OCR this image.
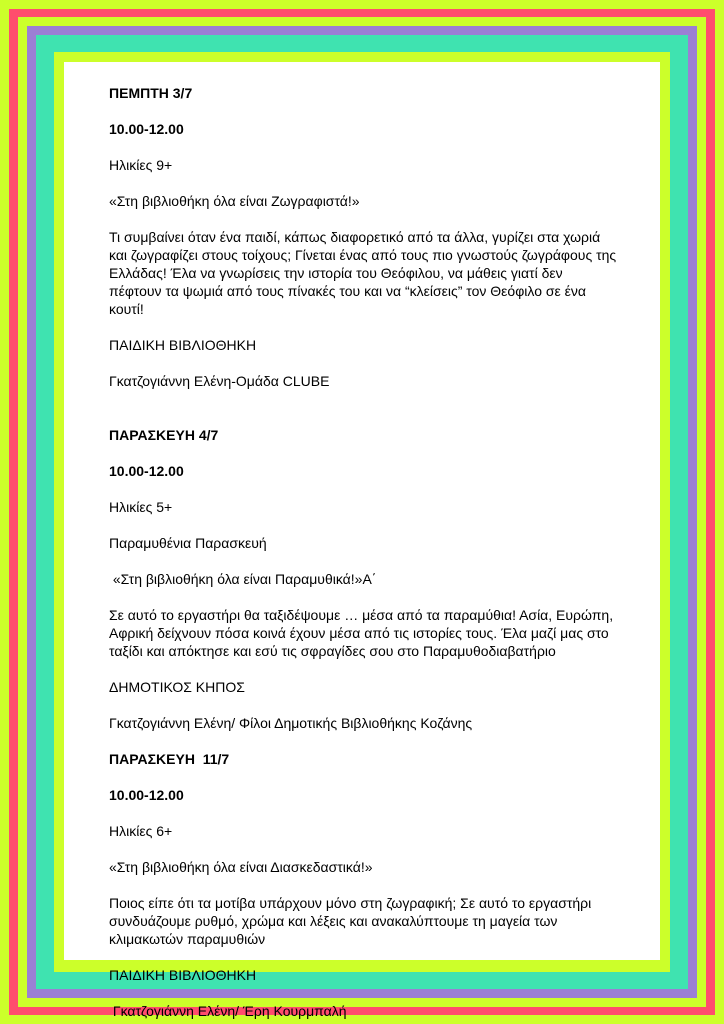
ΠΕΜΠΤΗ 3/7

10.00-12.00

Ηλικίες 9+

«Στη βιβλιοθήκη όλα είναι Ζωγραφιστά!»

Τι συμβαίνει όταν ένα παιδί, κάπως διαφορετικό από τα άλλα, γυρίζει στα χωριά και ζωγραφίζει στους τοίχους; Γίνεται ένας από τους πιο γνωστούς ζωγράφους της Ελλάδας! Έλα να γνωρίσεις την ιστορία του Θεόφιλου, να μάθεις γιατί δεν πέφτουν τα ψωμιά από τους πίνακές του και να “κλείσεις” τον Θεόφιλο σε ένα κουτί!

ΠΑΙΔΙΚΗ ΒΙΒΛΙΟΘΗΚΗ

Γκατζογιάννη Ελένη-Ομάδα CLUBE

ΠΑΡΑΣΚΕΥΗ 4/7

10.00-12.00

Ηλικίες 5+

Παραμυθένια Παρασκευή

«Στη βιβλιοθήκη όλα είναι Παραμυθικά!»Α΄

Σε αυτό το εργαστήρι θα ταξιδέψουμε … μέσα από τα παραμύθια! Ασία, Ευρώπη, Αφρική δείχνουν πόσα κοινά έχουν μέσα από τις ιστορίες τους. Έλα μαζί μας στο ταξίδι και απόκτησε και εσύ τις σφραγίδες σου στο Παραμυθοδιαβατήριο

ΔΗΜΟΤΙΚΟΣ ΚΗΠΟΣ

Γκατζογιάννη Ελένη/ Φίλοι Δημοτικής Βιβλιοθήκης Κοζάνης

ΠΑΡΑΣΚΕΥΗ  11/7

10.00-12.00

Ηλικίες 6+

«Στη βιβλιοθήκη όλα είναι Διασκεδαστικά!»

Ποιος είπε ότι τα μοτίβα υπάρχουν μόνο στη ζωγραφική; Σε αυτό το εργαστήρι συνδυάζουμε ρυθμό, χρώμα και λέξεις και ανακαλύπτουμε τη μαγεία των κλιμακωτών παραμυθιών

ΠΑΙΔΙΚΗ ΒΙΒΛΙΟΘΗΚΗ

Γκατζογιάννη Ελένη/ Έρη Κουρμπαλή
